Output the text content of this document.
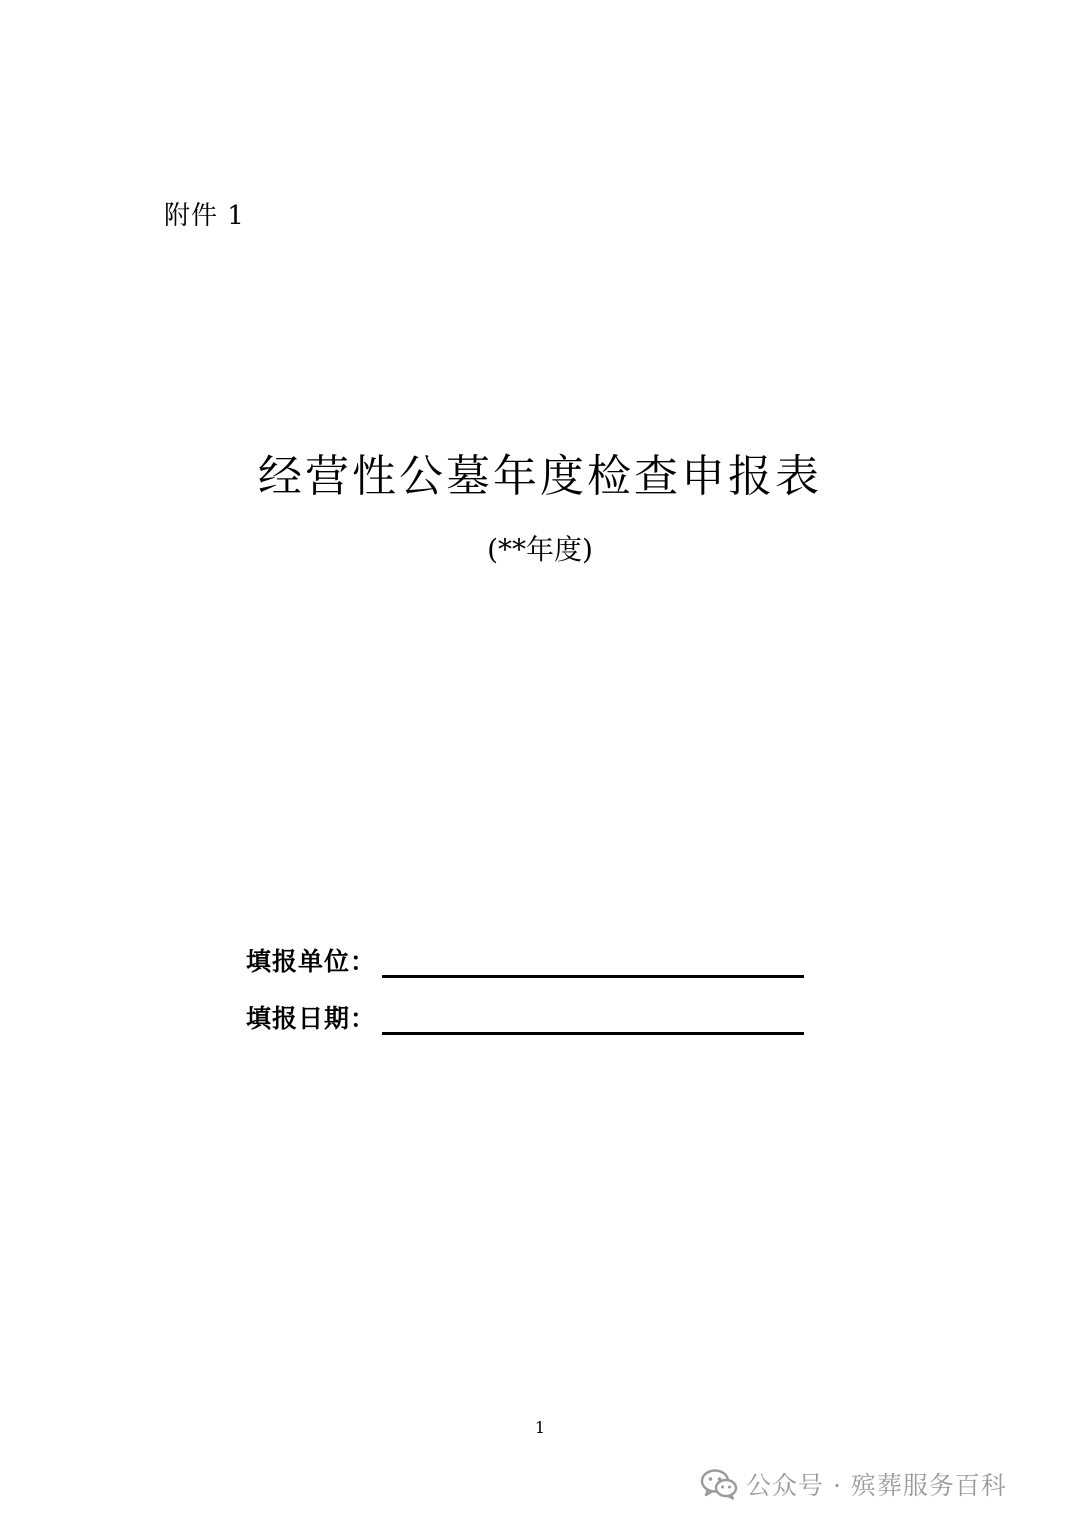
附件 1
经营性公墓年度检查申报表
(**年度)
填报单位：
填报日期：
1
公众号 · 殡葬服务百科
